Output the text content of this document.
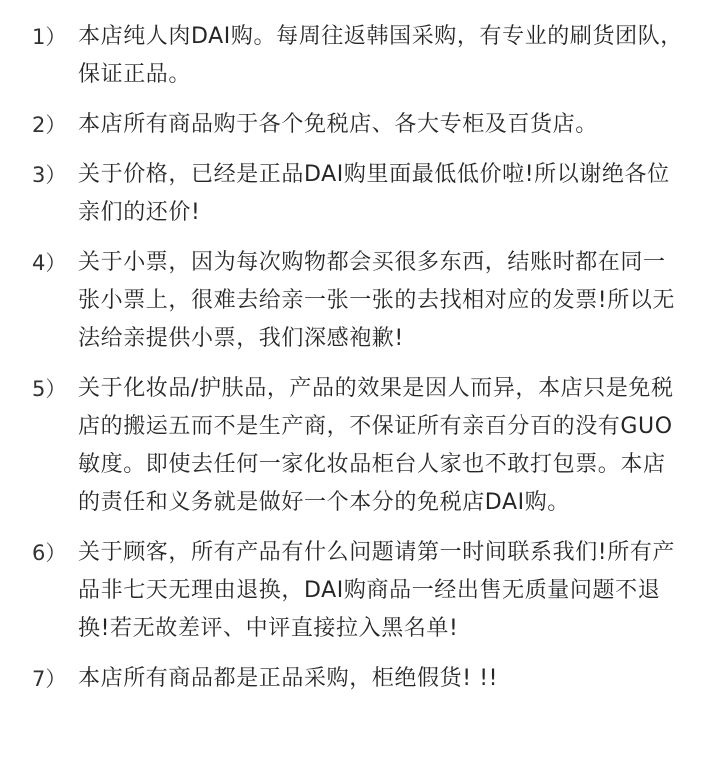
1） 本店纯人肉DAI购。每周往返韩国采购，有专业的刷货团队，保证正品。
2） 本店所有商品购于各个免税店、各大专柜及百货店。
3） 关于价格，已经是正品DAI购里面最低低价啦!所以谢绝各位亲们的还价!
4） 关于小票，因为每次购物都会买很多东西，结账时都在同一张小票上，很难去给亲一张一张的去找相对应的发票!所以无法给亲提供小票，我们深感袍歉!
5） 关于化妆品/护肤品，产品的效果是因人而异，本店只是免税店的搬运五而不是生产商，不保证所有亲百分百的没有GUO敏度。即使去任何一家化妆品柜台人家也不敢打包票。本店的责任和义务就是做好一个本分的免税店DAI购。
6） 关于顾客，所有产品有什么问题请第一时间联系我们!所有产品非七天无理由退换，DAI购商品一经出售无质量问题不退换!若无故差评、中评直接拉入黑名单!
7） 本店所有商品都是正品采购，柜绝假货! !!
